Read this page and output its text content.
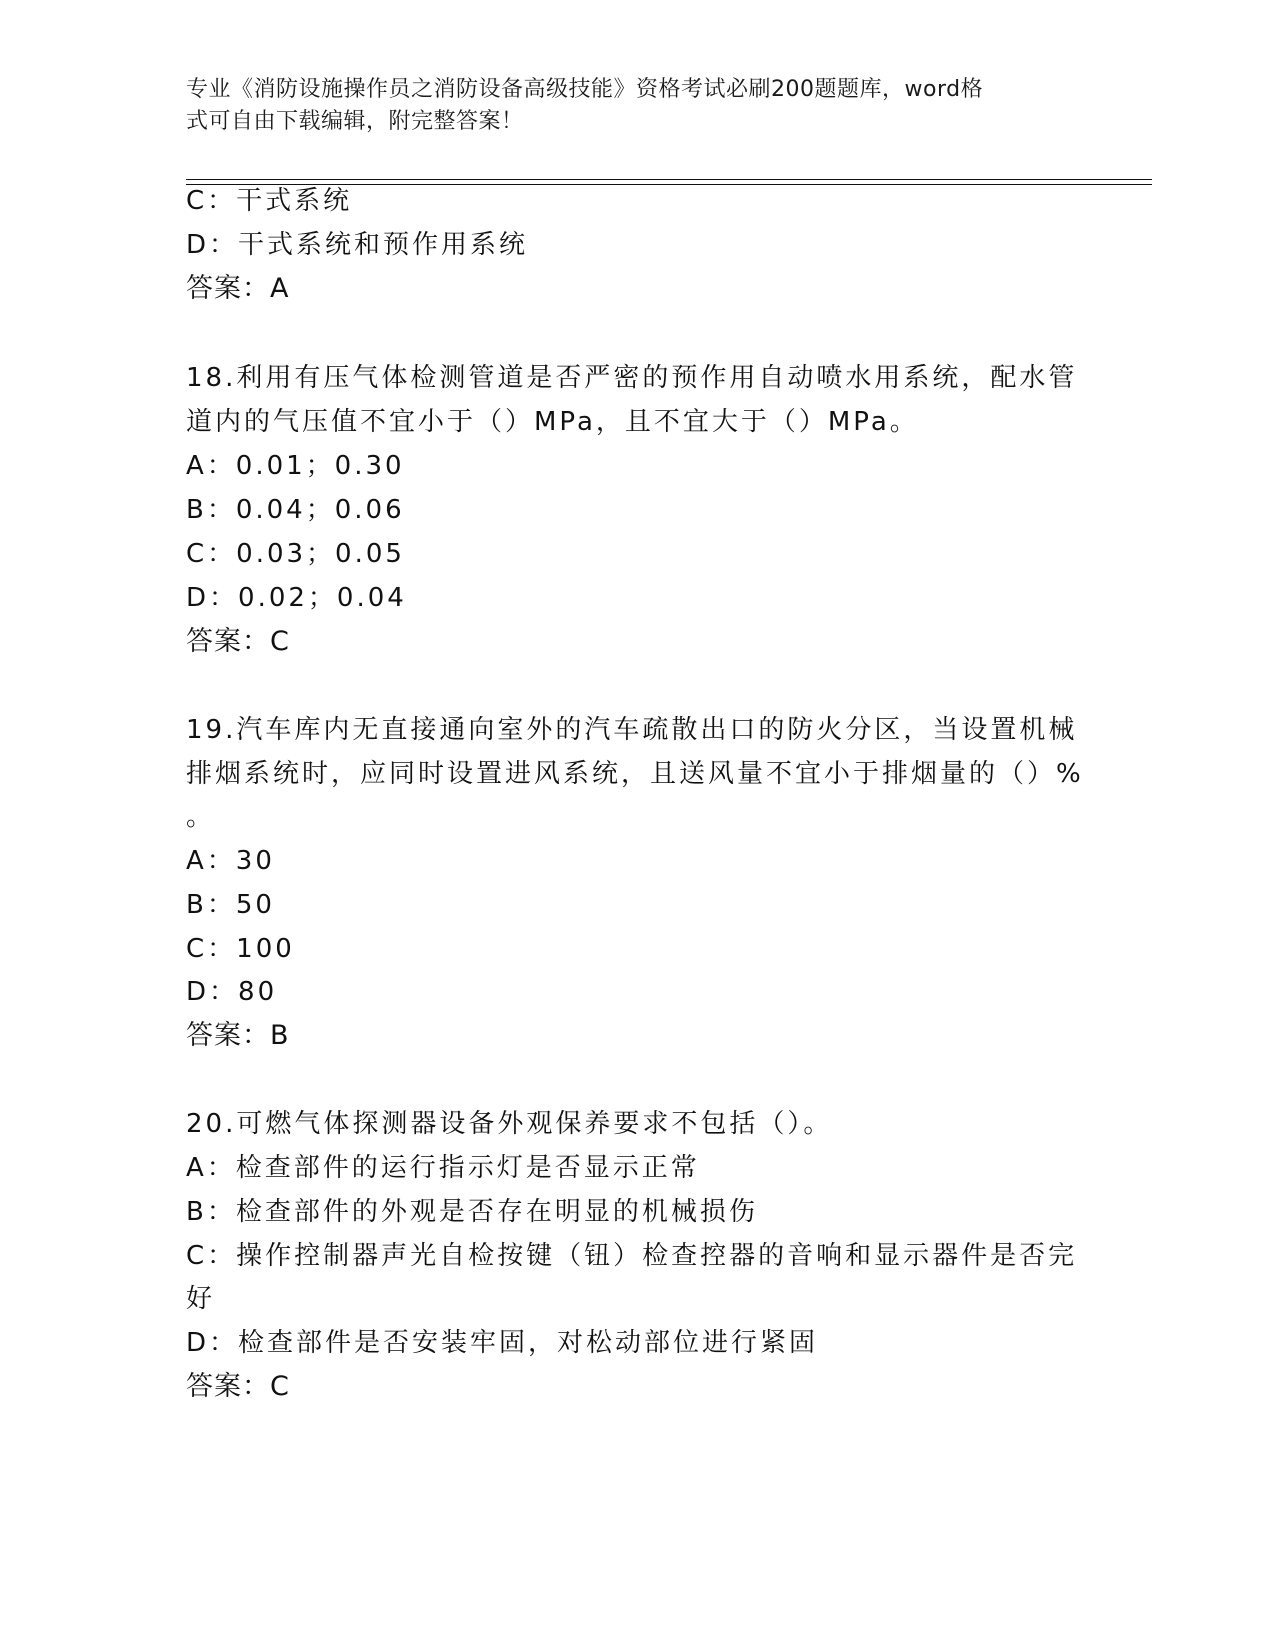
专业《消防设施操作员之消防设备高级技能》资格考试必刷200题题库，word格
式可自由下载编辑，附完整答案！
C：干式系统
D：干式系统和预作用系统
答案：A
18.利用有压气体检测管道是否严密的预作用自动喷水用系统，配水管
道内的气压值不宜小于（）MPa，且不宜大于（）MPa。
A：0.01；0.30
B：0.04；0.06
C：0.03；0.05
D：0.02；0.04
答案：C
19.汽车库内无直接通向室外的汽车疏散出口的防火分区，当设置机械
排烟系统时，应同时设置进风系统，且送风量不宜小于排烟量的（）%
。
A：30
B：50
C：100
D：80
答案：B
20.可燃气体探测器设备外观保养要求不包括（）。
A：检查部件的运行指示灯是否显示正常
B：检查部件的外观是否存在明显的机械损伤
C：操作控制器声光自检按键（钮）检查控器的音响和显示器件是否完
好
D：检查部件是否安装牢固，对松动部位进行紧固
答案：C
